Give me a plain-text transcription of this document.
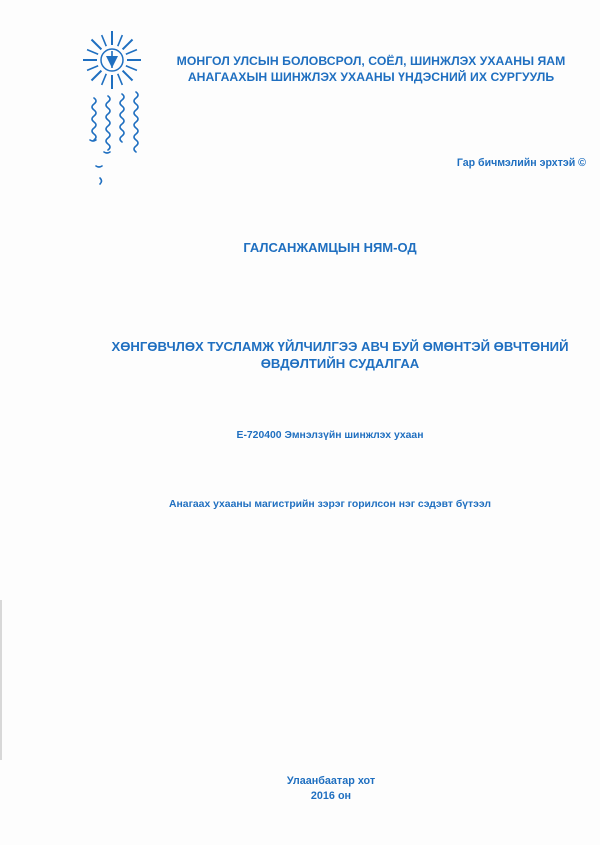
МОНГОЛ УЛСЫН БОЛОВСРОЛ, СОЁЛ, ШИНЖЛЭХ УХААНЫ ЯАМ
АНАГААХЫН ШИНЖЛЭХ УХААНЫ ҮНДЭСНИЙ ИХ СУРГУУЛЬ
Гар бичмэлийн эрхтэй ©
ГАЛСАНЖАМЦЫН НЯМ-ОД
ХӨНГӨВЧЛӨХ ТУСЛАМЖ ҮЙЛЧИЛГЭЭ АВЧ БУЙ ӨМӨНТЭЙ ӨВЧТӨНИЙ
ӨВДӨЛТИЙН СУДАЛГАА
E-720400 Эмнэлзүйн шинжлэх ухаан
Анагаах ухааны магистрийн зэрэг горилсон нэг сэдэвт бүтээл
Улаанбаатар хот
2016 он
